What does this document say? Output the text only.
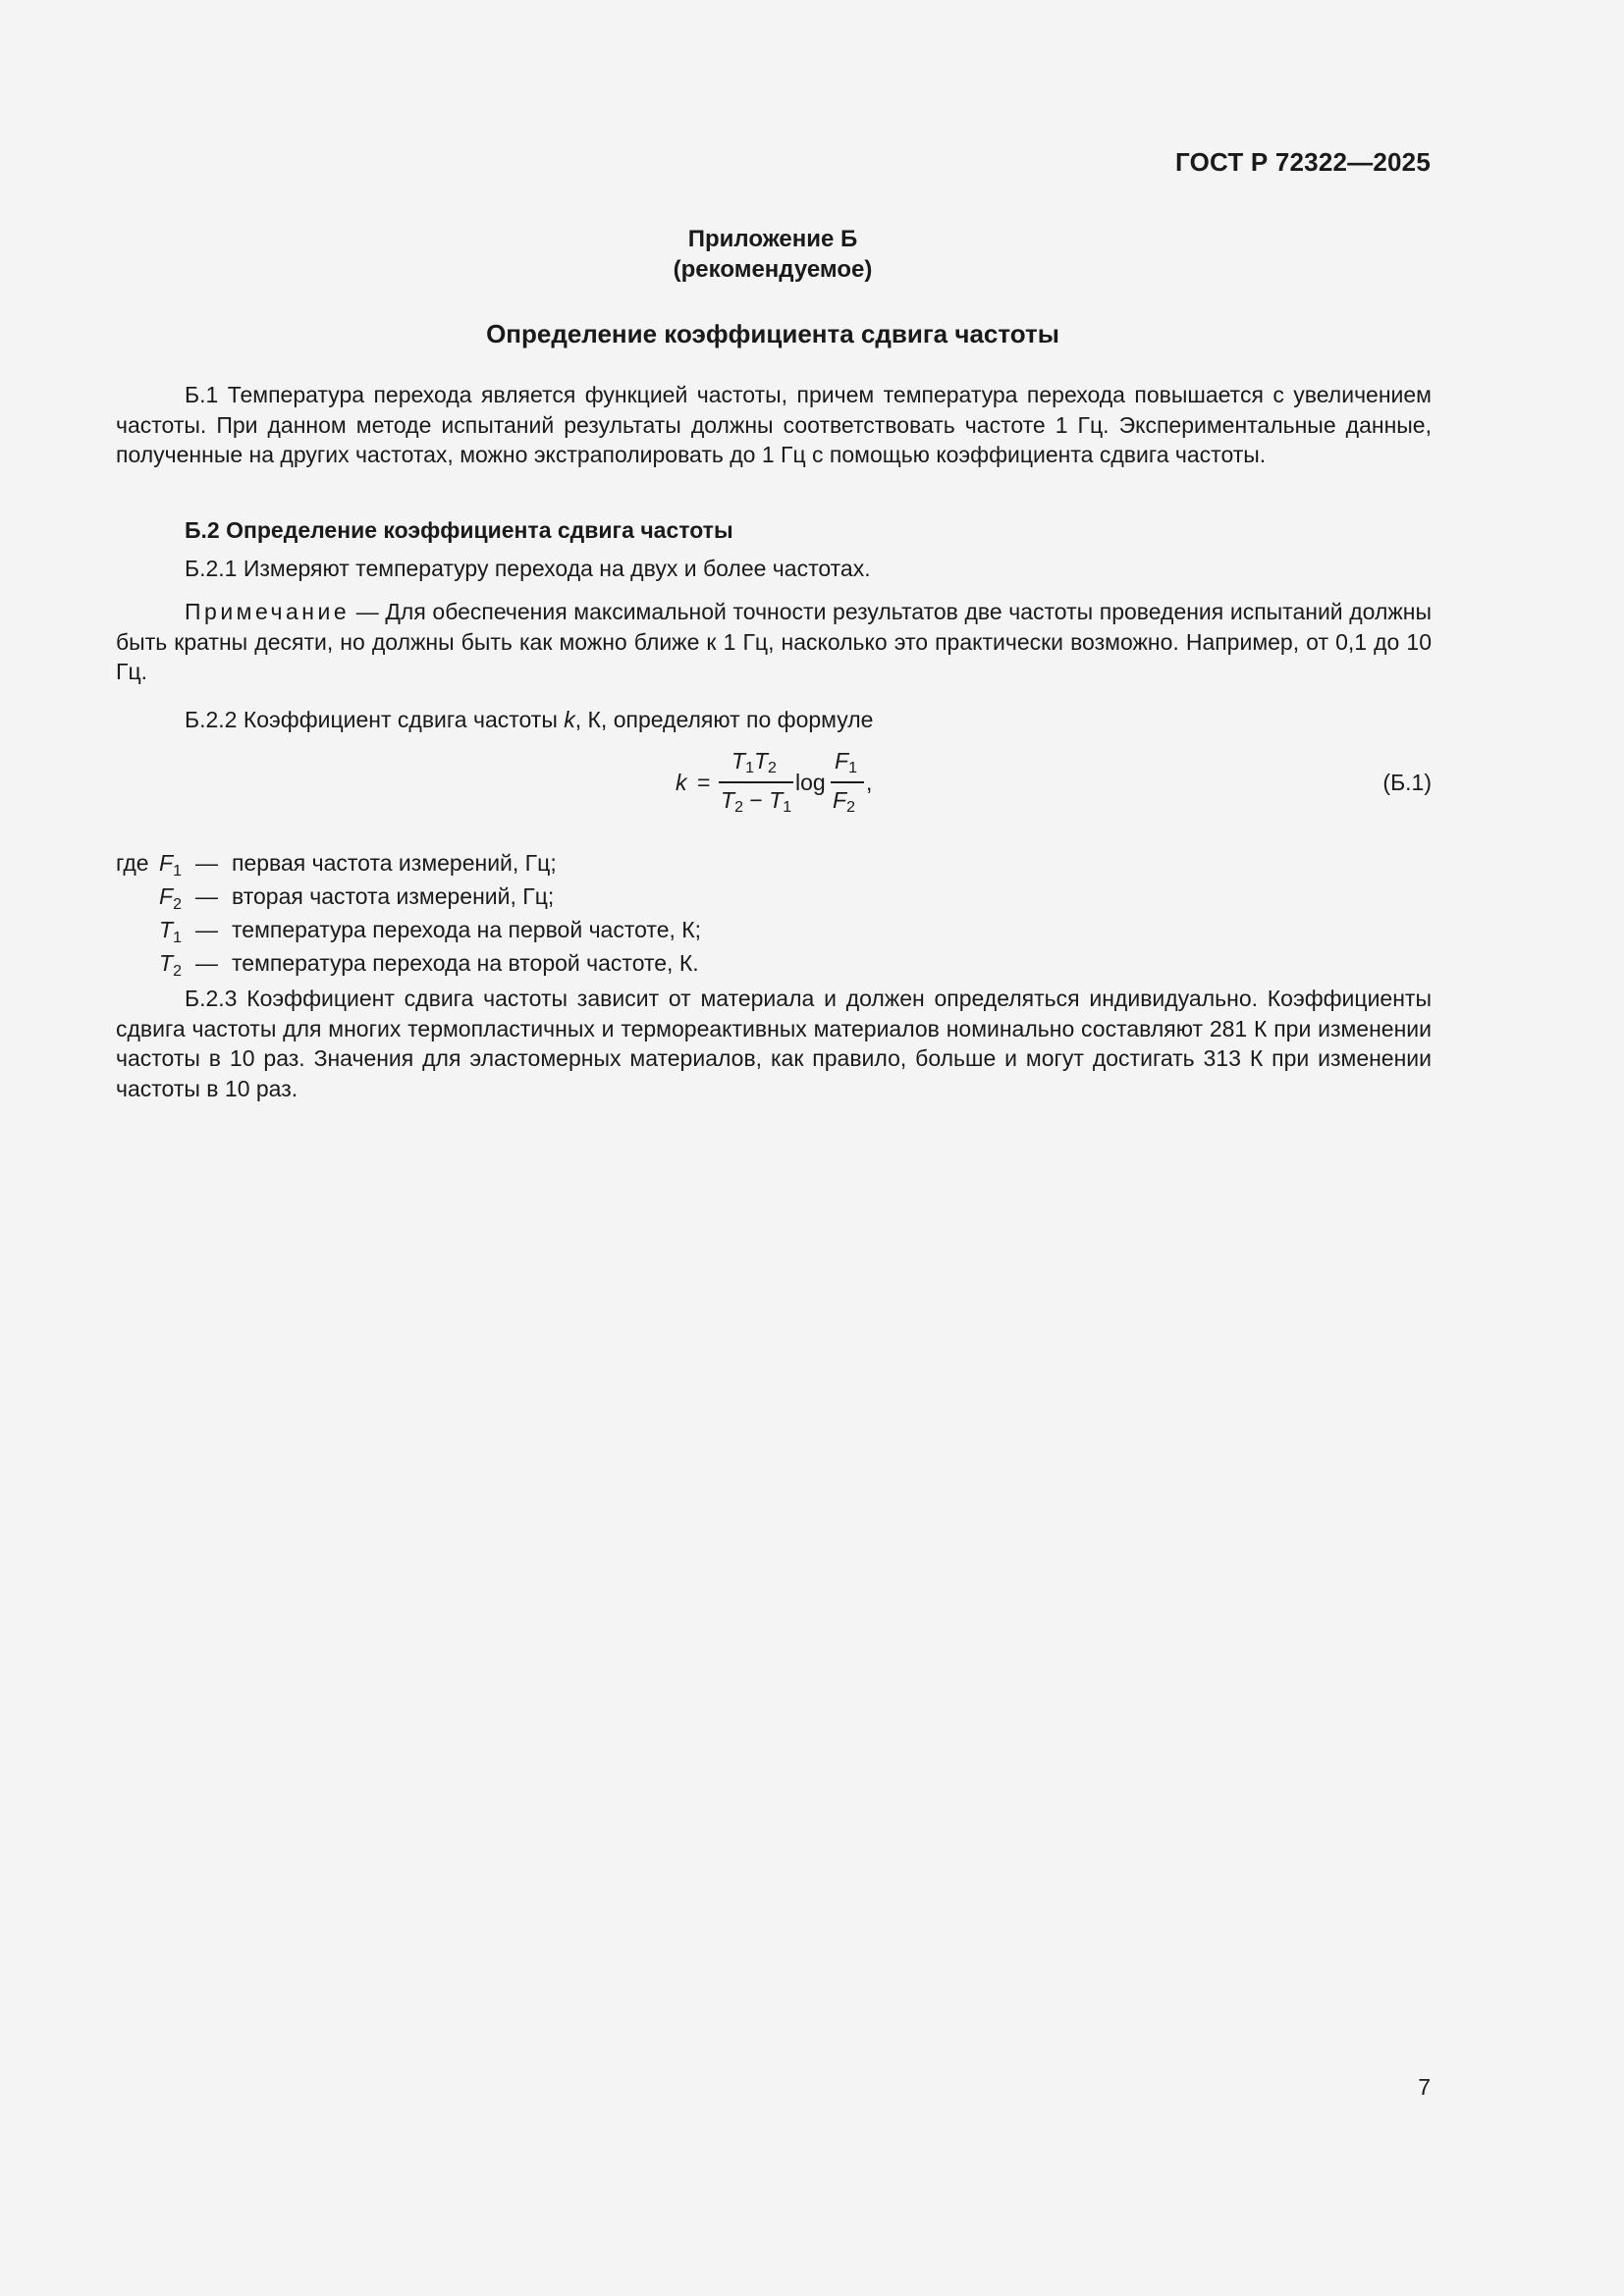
ГОСТ Р 72322—2025
Приложение Б
(рекомендуемое)
Определение коэффициента сдвига частоты

Б.1 Температура перехода является функцией частоты, причем температура перехода повышается с увеличением частоты. При данном методе испытаний результаты должны соответствовать частоте 1 Гц. Экспериментальные данные, полученные на других частотах, можно экстраполировать до 1 Гц с помощью коэффициента сдвига частоты.

Б.2 Определение коэффициента сдвига частоты

Б.2.1 Измеряют температуру перехода на двух и более частотах.

Примечание — Для обеспечения максимальной точности результатов две частоты проведения испытаний должны быть кратны десяти, но должны быть как можно ближе к 1 Гц, насколько это практически возможно. Например, от 0,1 до 10 Гц.

Б.2.2 Коэффициент сдвига частоты k, К, определяют по формуле

k =
$T_1T_2$
$T_2 - T_1$
log
$F_1$
$F_2$
,	(Б.1)
где $F_1$ — первая частота измерений, Гц;
$F_2$ — вторая частота измерений, Гц;
$T_1$ — температура перехода на первой частоте, К;
$T_2$ — температура перехода на второй частоте, К.

Б.2.3 Коэффициент сдвига частоты зависит от материала и должен определяться индивидуально. Коэффициенты сдвига частоты для многих термопластичных и термореактивных материалов номинально составляют 281 К при изменении частоты в 10 раз. Значения для эластомерных материалов, как правило, больше и могут достигать 313 К при изменении частоты в 10 раз.

7
